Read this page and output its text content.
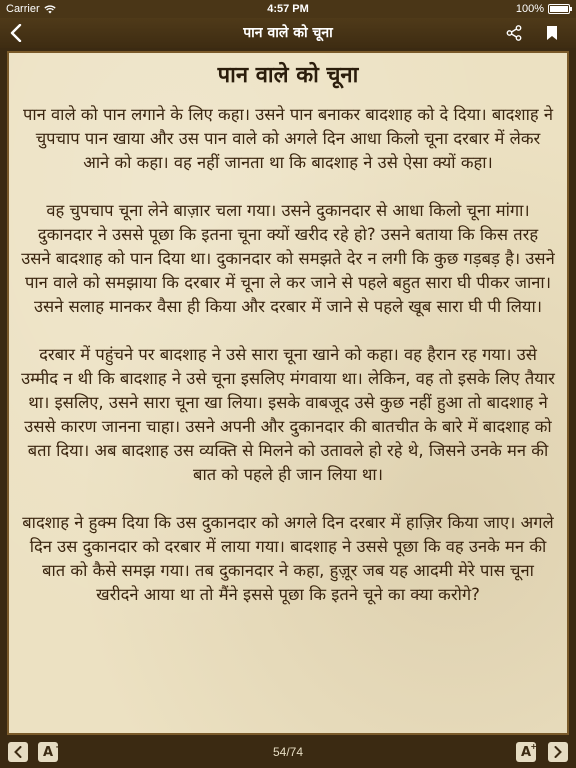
Carrier	4:57 PM	100%
पान वाले को चूना
पान वाले को चूना

पान वाले को पान लगाने के लिए कहा। उसने पान बनाकर बादशाह को दे दिया। बादशाह ने चुपचाप पान खाया और उस पान वाले को अगले दिन आधा किलो चूना दरबार में लेकर आने को कहा। वह नहीं जानता था कि बादशाह ने उसे ऐसा क्यों कहा।

वह चुपचाप चूना लेने बाज़ार चला गया। उसने दुकानदार से आधा किलो चूना मांगा। दुकानदार ने उससे पूछा कि इतना चूना क्यों खरीद रहे हो? उसने बताया कि किस तरह उसने बादशाह को पान दिया था। दुकानदार को समझते देर न लगी कि कुछ गड़बड़ है। उसने पान वाले को समझाया कि दरबार में चूना ले कर जाने से पहले बहुत सारा घी पीकर जाना। उसने सलाह मानकर वैसा ही किया और दरबार में जाने से पहले खूब सारा घी पी लिया।

दरबार में पहुंचने पर बादशाह ने उसे सारा चूना खाने को कहा। वह हैरान रह गया। उसे उम्मीद न थी कि बादशाह ने उसे चूना इसलिए मंगवाया था। लेकिन, वह तो इसके लिए तैयार था। इसलिए, उसने सारा चूना खा लिया। इसके वाबजूद उसे कुछ नहीं हुआ तो बादशाह ने उससे कारण जानना चाहा। उसने अपनी और दुकानदार की बातचीत के बारे में बादशाह को बता दिया। अब बादशाह उस व्यक्ति से मिलने को उतावले हो रहे थे, जिसने उनके मन की बात को पहले ही जान लिया था।

बादशाह ने हुक्म दिया कि उस दुकानदार को अगले दिन दरबार में हाज़िर किया जाए। अगले दिन उस दुकानदार को दरबार में लाया गया। बादशाह ने उससे पूछा कि वह उनके मन की बात को कैसे समझ गया। तब दुकानदार ने कहा, हुज़ूर जब यह आदमी मेरे पास चूना खरीदने आया था तो मैंने इससे पूछा कि इतने चूने का क्या करोगे?

A -	54/74	A +
